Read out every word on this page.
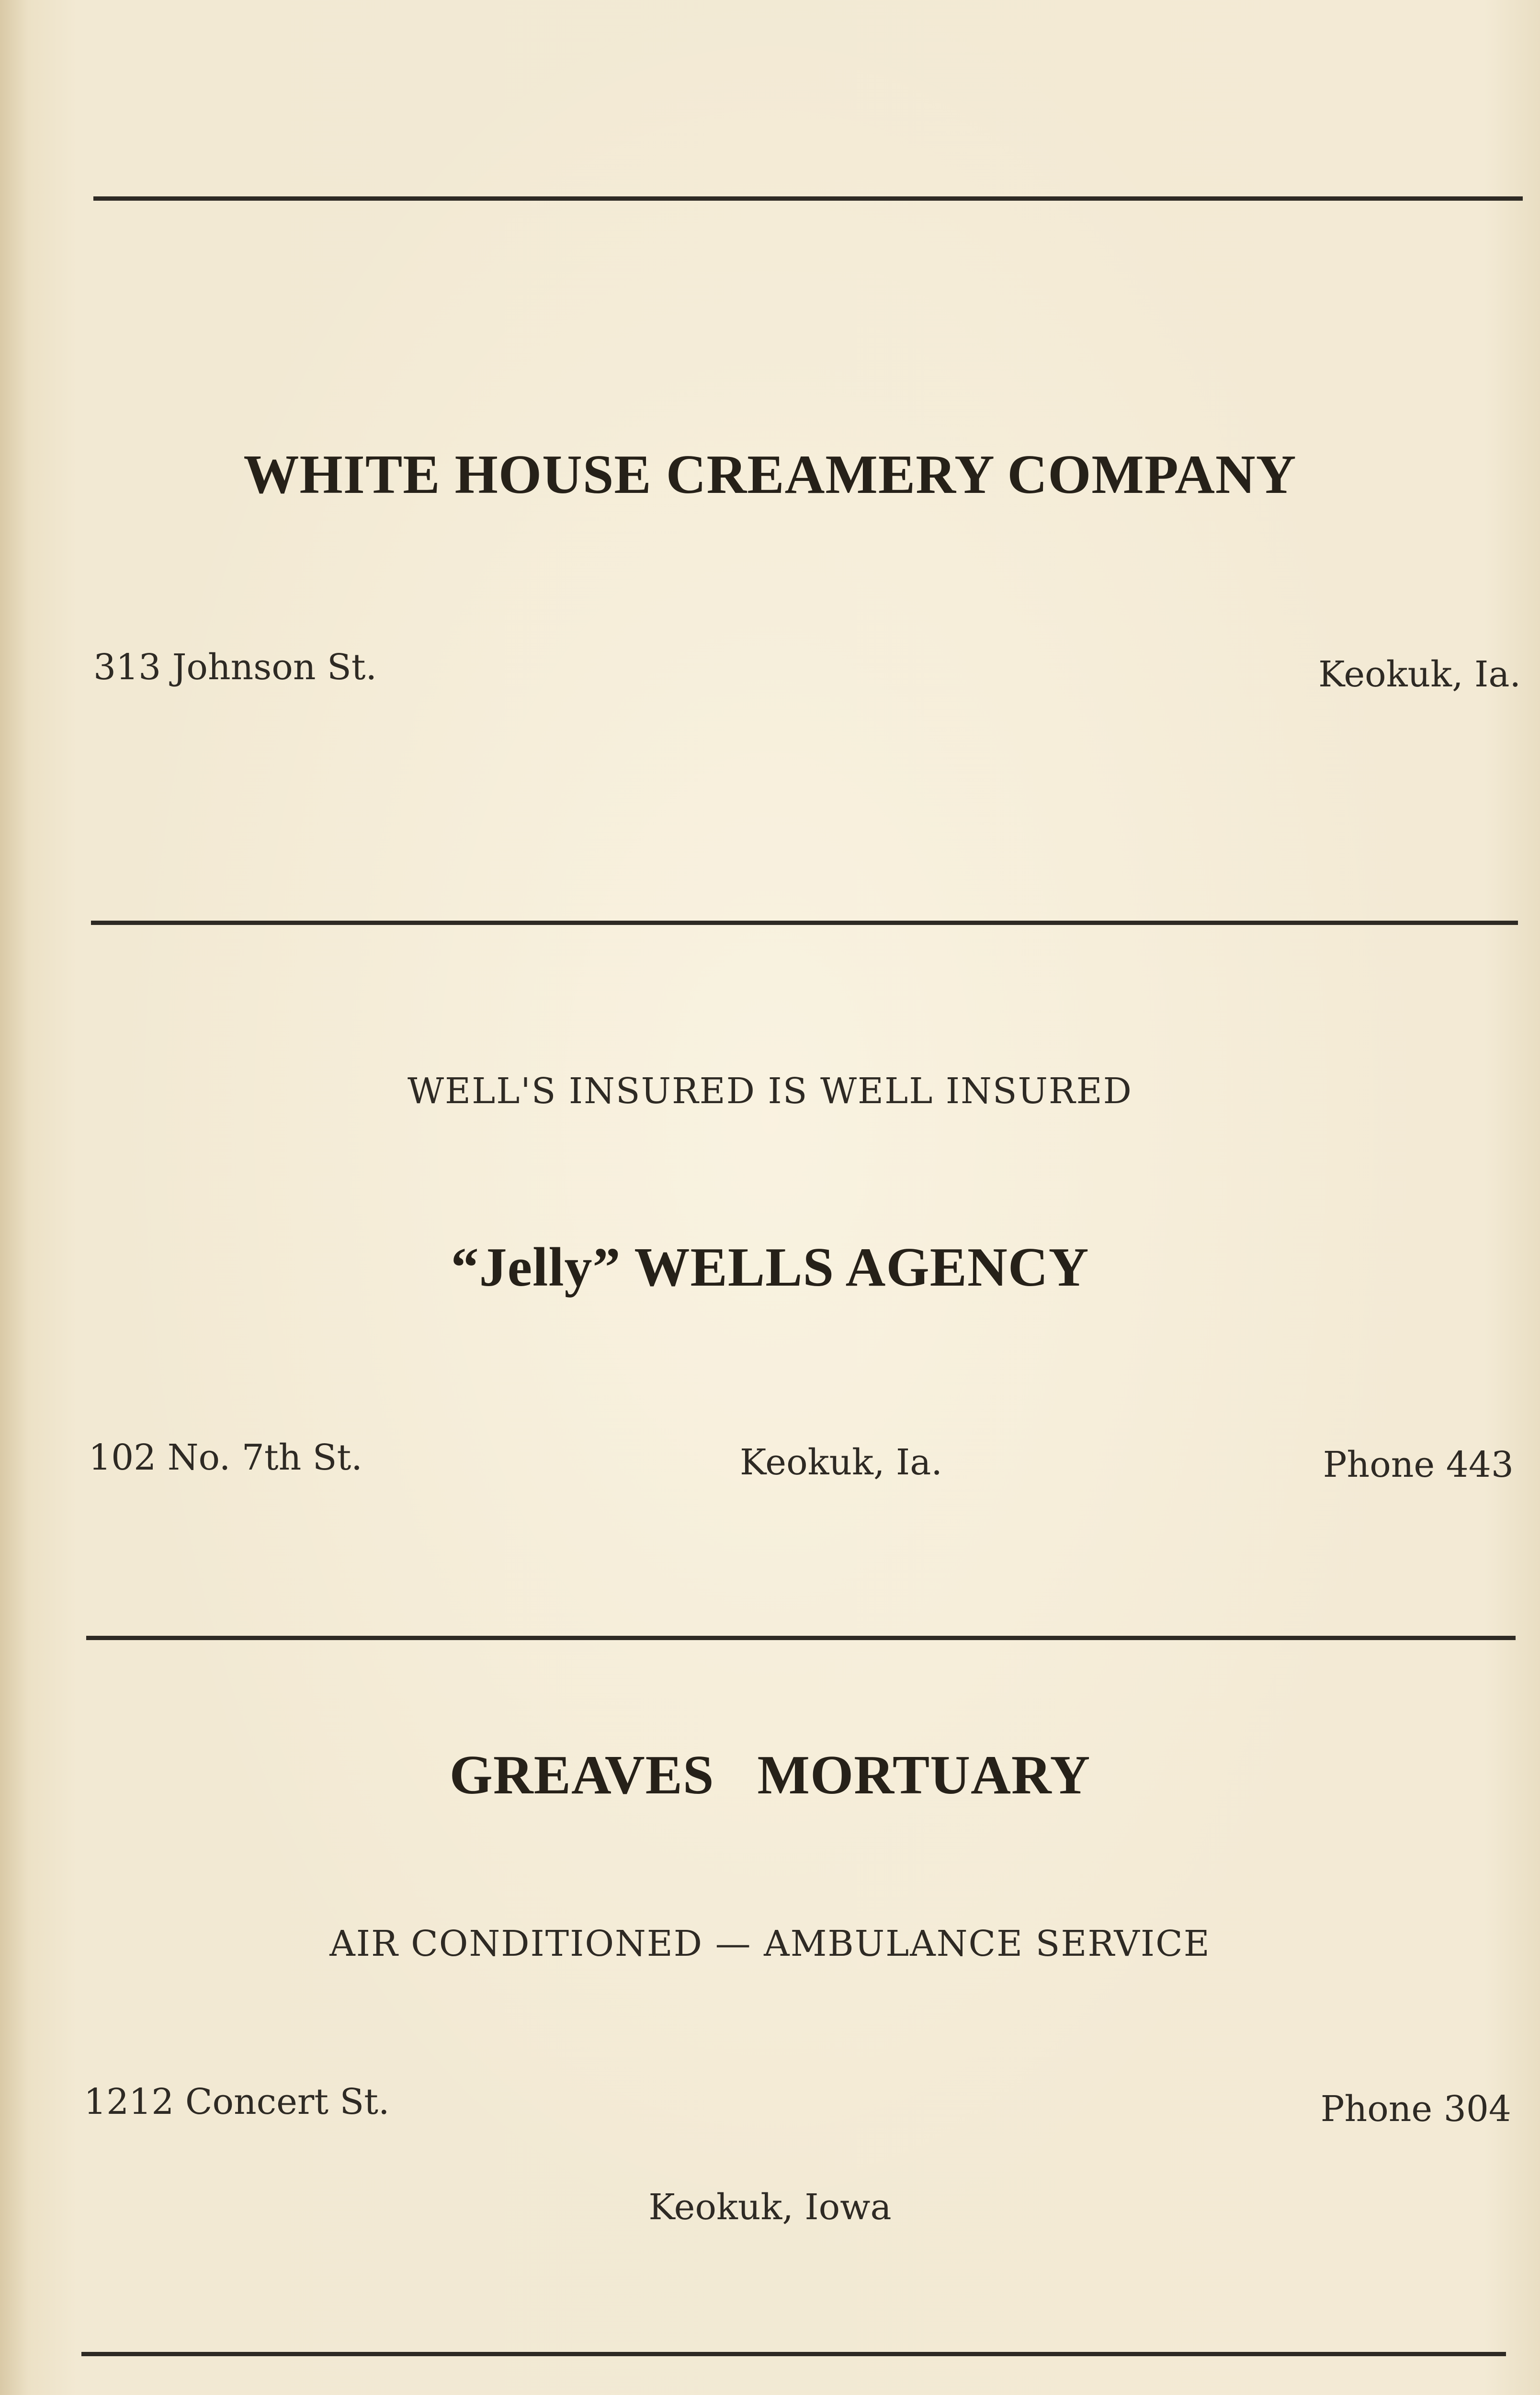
WHITE HOUSE CREAMERY COMPANY
313 Johnson St.	Keokuk, Ia.
WELL'S INSURED IS WELL INSURED
“Jelly” WELLS AGENCY
102 No. 7th St.	Keokuk, Ia.	Phone 443
GREAVES   MORTUARY
AIR CONDITIONED — AMBULANCE SERVICE
1212 Concert St.	Phone 304
Keokuk, Iowa
